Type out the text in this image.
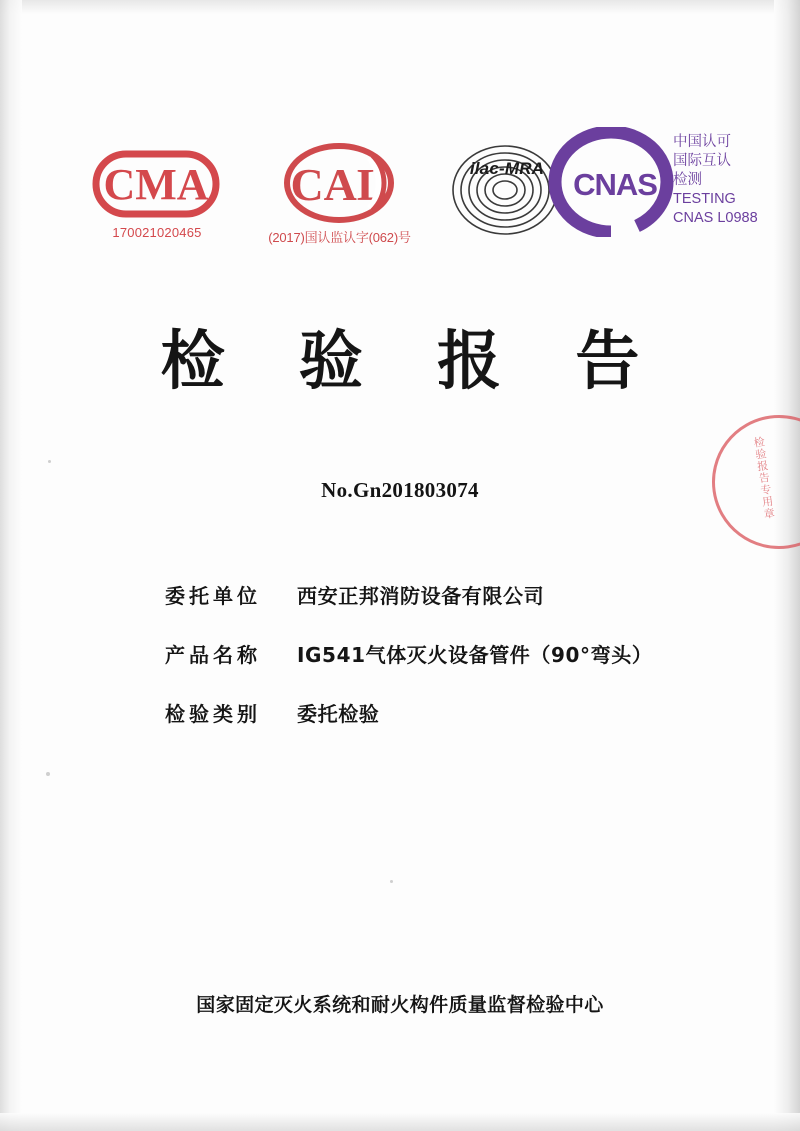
CMA
170021020465
CAL
(2017)国认监认字(062)号
ilac-MRA CNAS
中国认可
国际互认
检测
TESTING
CNAS L0988
检 验 报 告
No.Gn201803074
委托单位	西安正邦消防设备有限公司
产品名称	IG541气体灭火设备管件（90°弯头）
检验类别	委托检验
检验报告专用章
国家固定灭火系统和耐火构件质量监督检验中心
